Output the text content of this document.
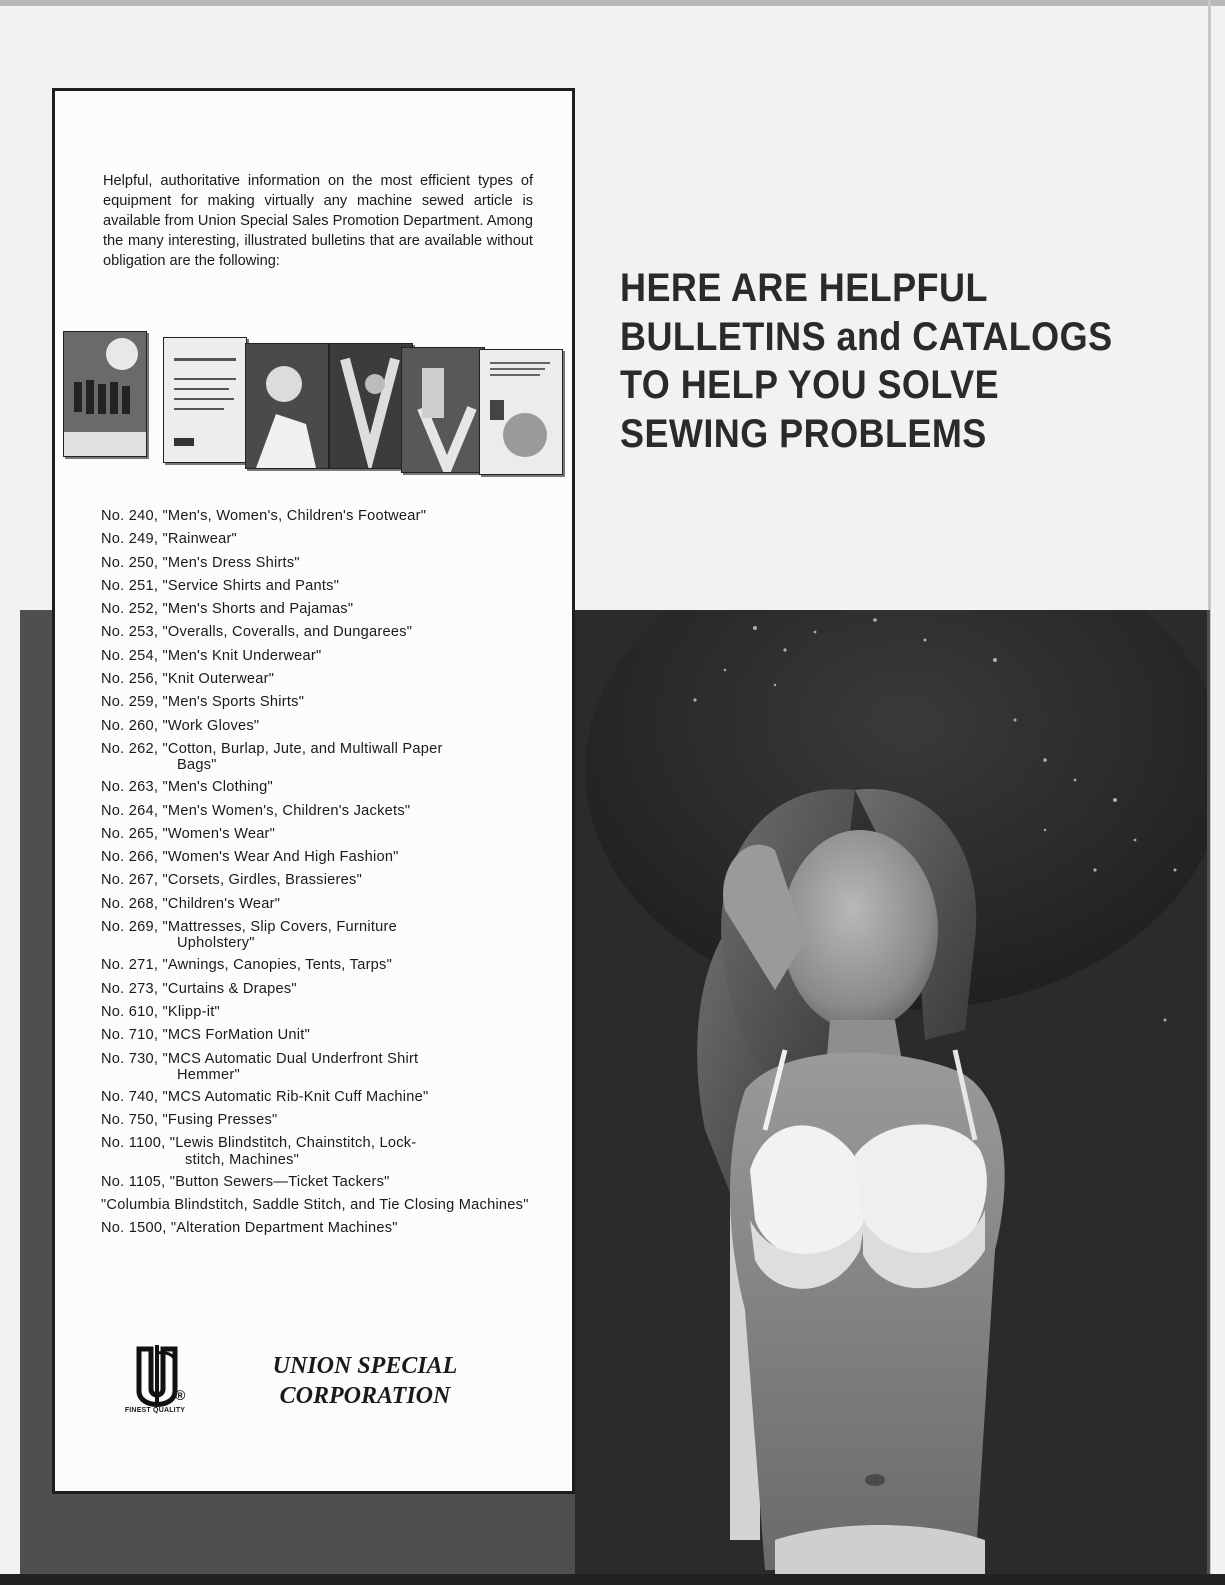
Helpful, authoritative information on the most efficient types of equipment for making virtually any machine sewed article is available from Union Special Sales Promotion Department. Among the many interesting, illustrated bulletins that are available without obligation are the following:

No. 240, "Men's, Women's, Children's Footwear"
No. 249, "Rainwear"
No. 250, "Men's Dress Shirts"
No. 251, "Service Shirts and Pants"
No. 252, "Men's Shorts and Pajamas"
No. 253, "Overalls, Coveralls, and Dungarees"
No. 254, "Men's Knit Underwear"
No. 256, "Knit Outerwear"
No. 259, "Men's Sports Shirts"
No. 260, "Work Gloves"
No. 262, "Cotton, Burlap, Jute, and Multiwall Paper
Bags"
No. 263, "Men's Clothing"
No. 264, "Men's Women's, Children's Jackets"
No. 265, "Women's Wear"
No. 266, "Women's Wear And High Fashion"
No. 267, "Corsets, Girdles, Brassieres"
No. 268, "Children's Wear"
No. 269, "Mattresses, Slip Covers, Furniture
Upholstery"
No. 271, "Awnings, Canopies, Tents, Tarps"
No. 273, "Curtains & Drapes"
No. 610, "Klipp-it"
No. 710, "MCS ForMation Unit"
No. 730, "MCS Automatic Dual Underfront Shirt
Hemmer"
No. 740, "MCS Automatic Rib-Knit Cuff Machine"
No. 750, "Fusing Presses"
No. 1100, "Lewis Blindstitch, Chainstitch, Lock-
stitch, Machines"
No. 1105, "Button Sewers—Ticket Tackers"
"Columbia Blindstitch, Saddle Stitch, and Tie Closing Machines"
No. 1500, "Alteration Department Machines"
®
FINEST QUALITY

UNION SPECIAL
CORPORATION

HERE ARE HELPFUL
BULLETINS and CATALOGS
TO HELP YOU SOLVE
SEWING PROBLEMS
